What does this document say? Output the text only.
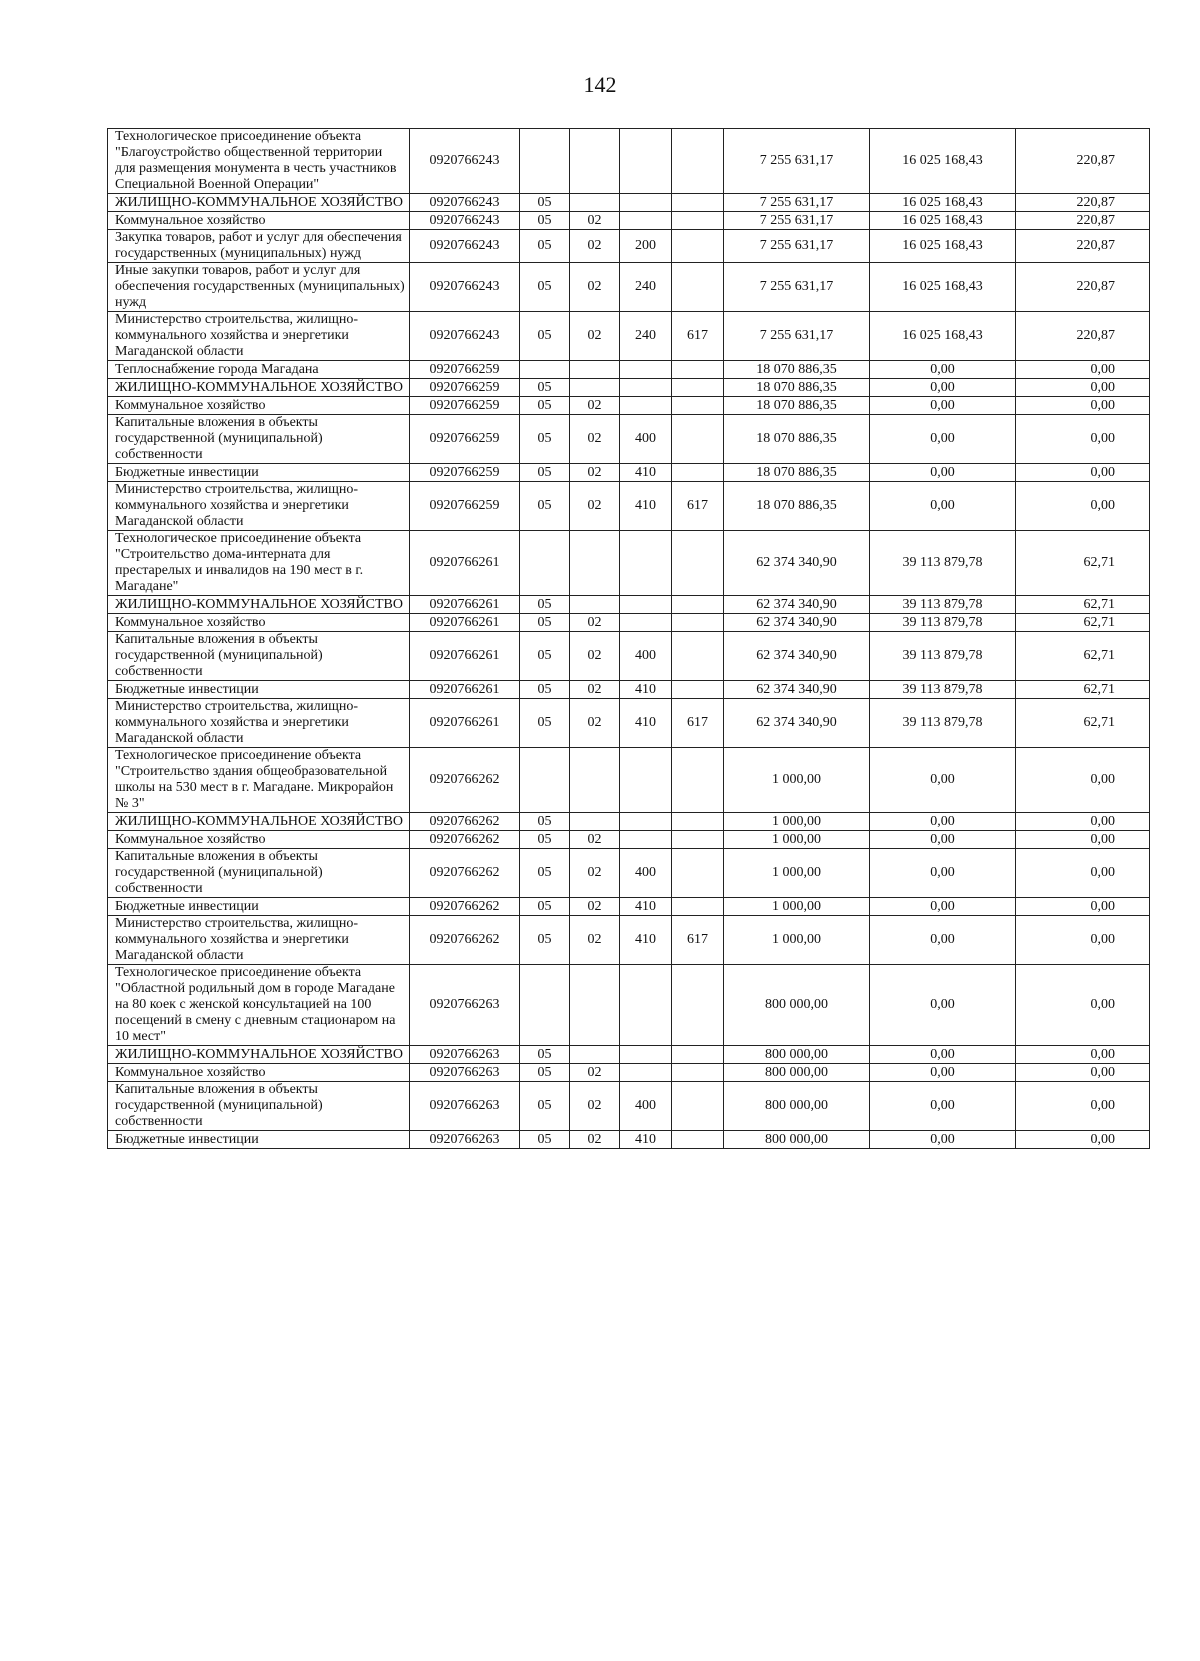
142
Технологическое присоединение объекта "Благоустройство общественной территории для размещения монумента в честь участников Специальной Военной Операции"	0920766243					7 255 631,17	16 025 168,43	220,87
ЖИЛИЩНО-КОММУНАЛЬНОЕ ХОЗЯЙСТВО	0920766243	05				7 255 631,17	16 025 168,43	220,87
Коммунальное хозяйство	0920766243	05	02			7 255 631,17	16 025 168,43	220,87
Закупка товаров, работ и услуг для обеспечения государственных (муниципальных) нужд	0920766243	05	02	200		7 255 631,17	16 025 168,43	220,87
Иные закупки товаров, работ и услуг для обеспечения государственных (муниципальных) нужд	0920766243	05	02	240		7 255 631,17	16 025 168,43	220,87
Министерство строительства, жилищно-коммунального хозяйства и энергетики Магаданской области	0920766243	05	02	240	617	7 255 631,17	16 025 168,43	220,87
Теплоснабжение города Магадана	0920766259					18 070 886,35	0,00	0,00
ЖИЛИЩНО-КОММУНАЛЬНОЕ ХОЗЯЙСТВО	0920766259	05				18 070 886,35	0,00	0,00
Коммунальное хозяйство	0920766259	05	02			18 070 886,35	0,00	0,00
Капитальные вложения в объекты государственной (муниципальной) собственности	0920766259	05	02	400		18 070 886,35	0,00	0,00
Бюджетные инвестиции	0920766259	05	02	410		18 070 886,35	0,00	0,00
Министерство строительства, жилищно-коммунального хозяйства и энергетики Магаданской области	0920766259	05	02	410	617	18 070 886,35	0,00	0,00
Технологическое присоединение объекта "Строительство дома-интерната для престарелых и инвалидов на 190 мест в г. Магадане"	0920766261					62 374 340,90	39 113 879,78	62,71
ЖИЛИЩНО-КОММУНАЛЬНОЕ ХОЗЯЙСТВО	0920766261	05				62 374 340,90	39 113 879,78	62,71
Коммунальное хозяйство	0920766261	05	02			62 374 340,90	39 113 879,78	62,71
Капитальные вложения в объекты государственной (муниципальной) собственности	0920766261	05	02	400		62 374 340,90	39 113 879,78	62,71
Бюджетные инвестиции	0920766261	05	02	410		62 374 340,90	39 113 879,78	62,71
Министерство строительства, жилищно-коммунального хозяйства и энергетики Магаданской области	0920766261	05	02	410	617	62 374 340,90	39 113 879,78	62,71
Технологическое присоединение объекта "Строительство здания общеобразовательной школы на 530 мест в г. Магадане. Микрорайон № 3"	0920766262					1 000,00	0,00	0,00
ЖИЛИЩНО-КОММУНАЛЬНОЕ ХОЗЯЙСТВО	0920766262	05				1 000,00	0,00	0,00
Коммунальное хозяйство	0920766262	05	02			1 000,00	0,00	0,00
Капитальные вложения в объекты государственной (муниципальной) собственности	0920766262	05	02	400		1 000,00	0,00	0,00
Бюджетные инвестиции	0920766262	05	02	410		1 000,00	0,00	0,00
Министерство строительства, жилищно-коммунального хозяйства и энергетики Магаданской области	0920766262	05	02	410	617	1 000,00	0,00	0,00
Технологическое присоединение объекта "Областной родильный дом в городе Магадане на 80 коек с женской консультацией на 100 посещений в смену с дневным стационаром на 10 мест"	0920766263					800 000,00	0,00	0,00
ЖИЛИЩНО-КОММУНАЛЬНОЕ ХОЗЯЙСТВО	0920766263	05				800 000,00	0,00	0,00
Коммунальное хозяйство	0920766263	05	02			800 000,00	0,00	0,00
Капитальные вложения в объекты государственной (муниципальной) собственности	0920766263	05	02	400		800 000,00	0,00	0,00
Бюджетные инвестиции	0920766263	05	02	410		800 000,00	0,00	0,00
